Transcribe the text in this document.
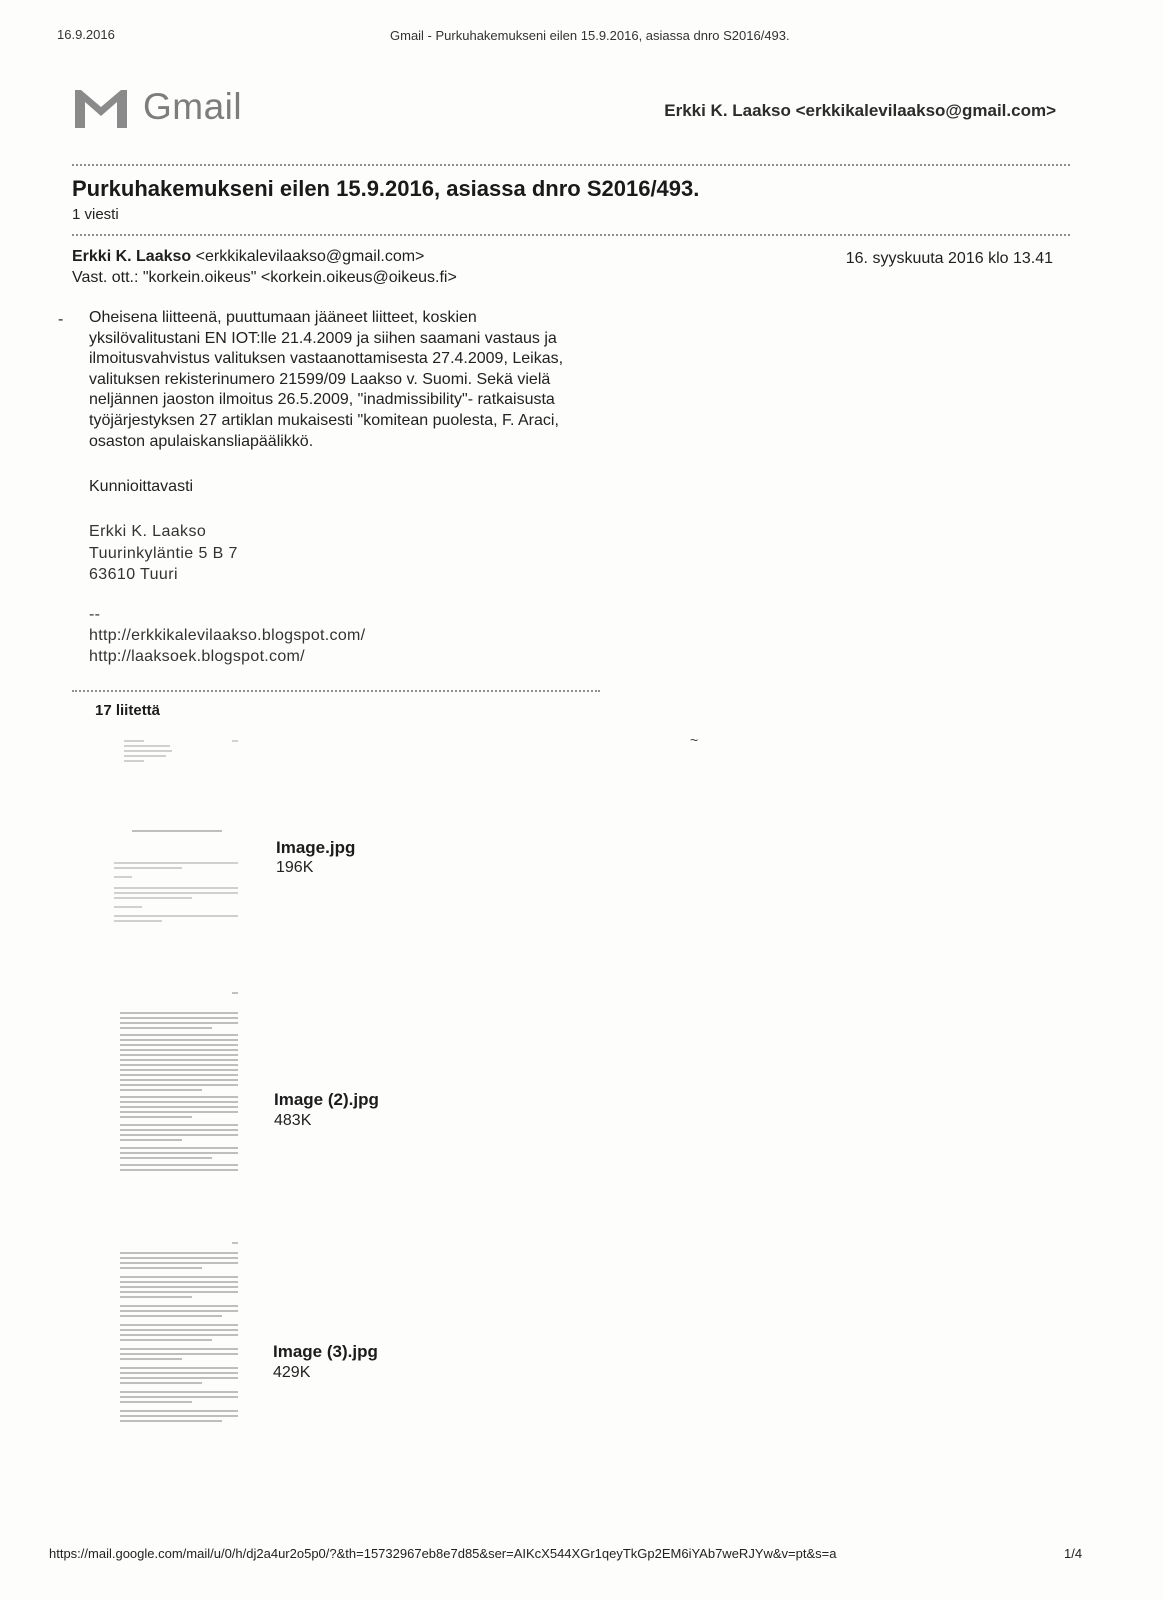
16.9.2016	Gmail - Purkuhakemukseni eilen 15.9.2016, asiassa dnro S2016/493.
Gmail	Erkki K. Laakso <erkkikalevilaakso@gmail.com>
Purkuhakemukseni eilen 15.9.2016, asiassa dnro S2016/493.
1 viesti
Erkki K. Laakso <erkkikalevilaakso@gmail.com>
Vast. ott.: "korkein.oikeus" <korkein.oikeus@oikeus.fi>
16. syyskuuta 2016 klo 13.41
- Oheisena liitteenä, puuttumaan jääneet liitteet, koskien
yksilövalitustani EN IOT:lle 21.4.2009 ja siihen saamani vastaus ja
ilmoitusvahvistus valituksen vastaanottamisesta 27.4.2009, Leikas,
valituksen rekisterinumero 21599/09 Laakso v. Suomi. Sekä vielä
neljännen jaoston ilmoitus 26.5.2009, "inadmissibility"- ratkaisusta
työjärjestyksen 27 artiklan mukaisesti "komitean puolesta, F. Araci,
osaston apulaiskansliapäälikkö.
Kunnioittavasti
Erkki K. Laakso
Tuurinkyläntie 5 B 7
63610 Tuuri
--
http://erkkikalevilaakso.blogspot.com/
http://laaksoek.blogspot.com/
17 liitettä
~
Image.jpg
196K
Image (2).jpg
483K
Image (3).jpg
429K
https://mail.google.com/mail/u/0/h/dj2a4ur2o5p0/?&th=15732967eb8e7d85&ser=AIKcX544XGr1qeyTkGp2EM6iYAb7weRJYw&v=pt&s=a	1/4
